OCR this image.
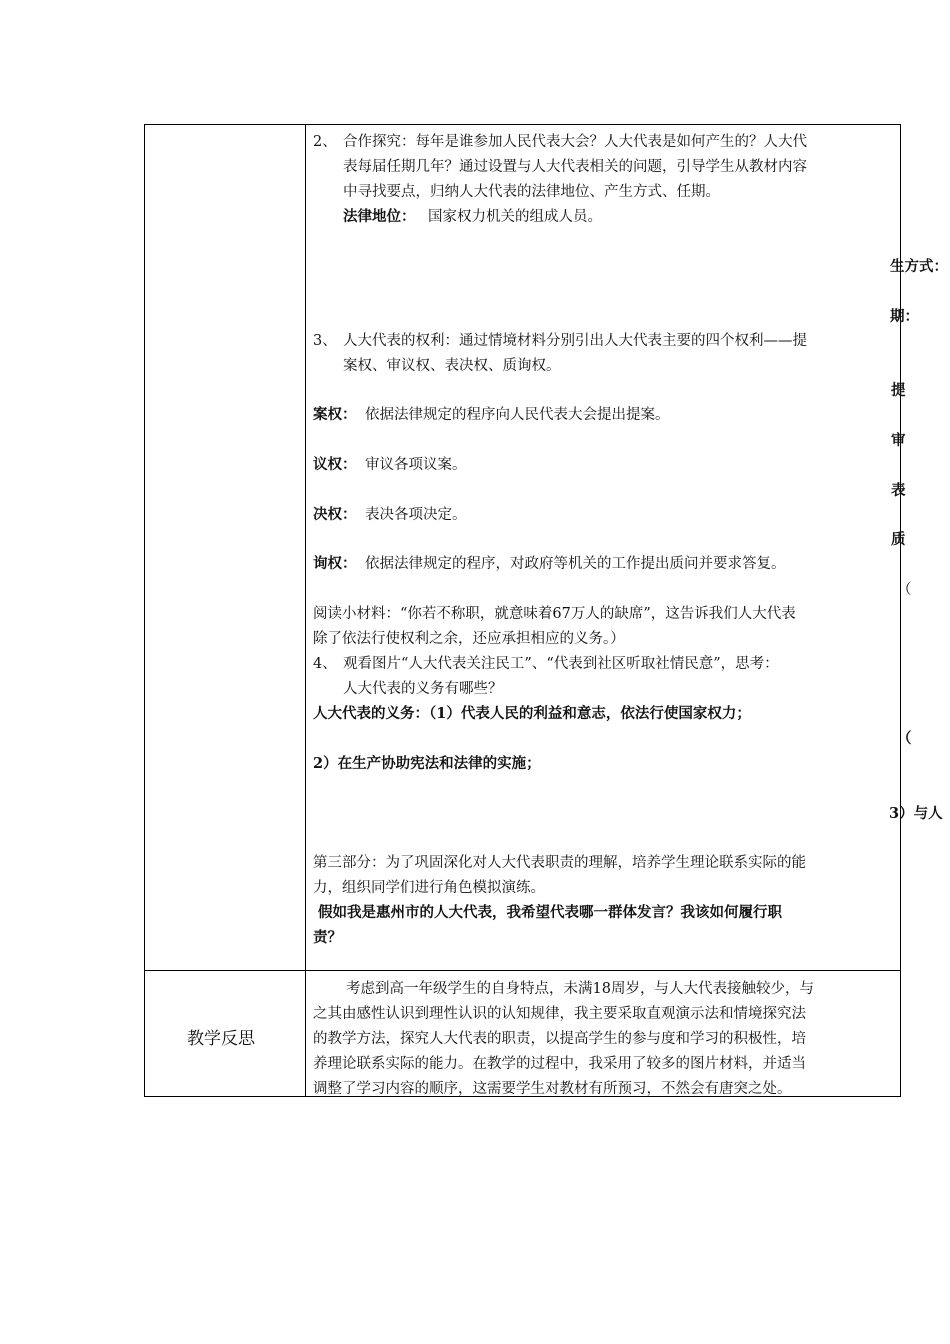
2、 合作探究：每年是谁参加人民代表大会？人大代表是如何产生的？人大代
表每届任期几年？通过设置与人大代表相关的问题，引导学生从教材内容
中寻找要点，归纳人大代表的法律地位、产生方式、任期。
法律地位： 国家权力机关的组成人员。
3、 人大代表的权利：通过情境材料分别引出人大代表主要的四个权利——提
案权、审议权、表决权、质询权。
案权： 依据法律规定的程序向人民代表大会提出提案。
议权： 审议各项议案。
决权： 表决各项决定。
询权： 依据法律规定的程序，对政府等机关的工作提出质问并要求答复。
阅读小材料：“你若不称职，就意味着67万人的缺席”，这告诉我们人大代表
除了依法行使权利之余，还应承担相应的义务。）
4、 观看图片“人大代表关注民工”、“代表到社区听取社情民意”，思考：
人大代表的义务有哪些？
人大代表的义务：（1）代表人民的利益和意志，依法行使国家权力；
2）在生产协助宪法和法律的实施；
第三部分：为了巩固深化对人大代表职责的理解，培养学生理论联系实际的能
力，组织同学们进行角色模拟演练。
假如我是惠州市的人大代表，我希望代表哪一群体发言？我该如何履行职
责？
生方式：
期：
提
审
表
质
（
（
3）与人
教学反思
考虑到高一年级学生的自身特点，未满18周岁，与人大代表接触较少，与
之其由感性认识到理性认识的认知规律，我主要采取直观演示法和情境探究法
的教学方法，探究人大代表的职责，以提高学生的参与度和学习的积极性，培
养理论联系实际的能力。在教学的过程中，我采用了较多的图片材料，并适当
调整了学习内容的顺序，这需要学生对教材有所预习，不然会有唐突之处。
